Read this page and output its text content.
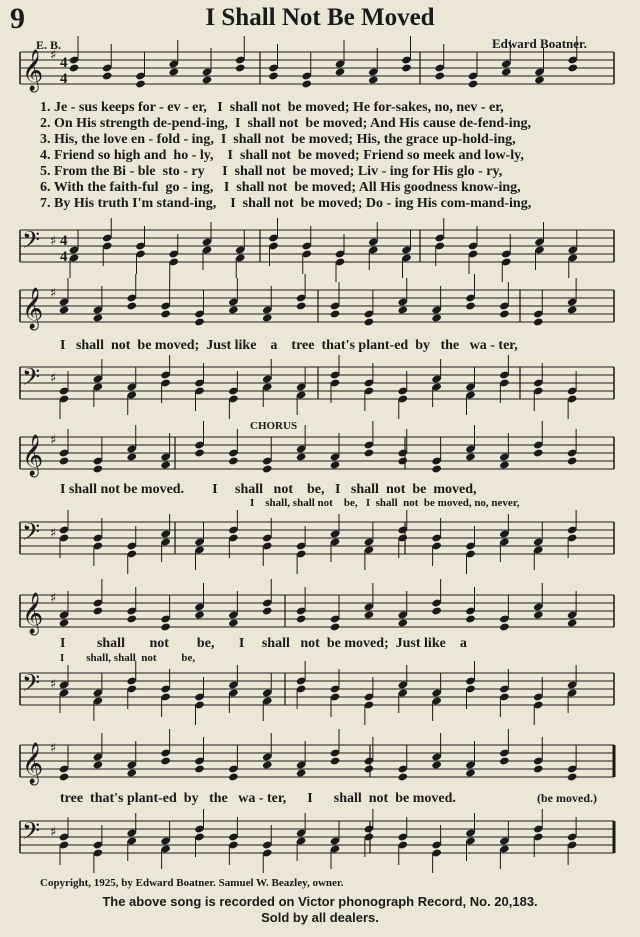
9	I Shall Not Be Moved
E. B.	Edward Boatner.
𝄞 ♯ 4
4
𝄢 ♯ 4
4
𝄞 ♯
𝄢 ♯
𝄞 ♯
𝄢 ♯
𝄞 ♯
𝄢 ♯
𝄞 ♯
𝄢 ♯
1. Je - sus keeps for - ev - er,   I  shall not  be moved; He for-sakes, no, nev - er,
2. On His strength de-pend-ing,  I  shall not  be moved; And His cause de-fend-ing,
3. His, the love en - fold - ing,  I  shall not  be moved; His, the grace up-hold-ing,
4. Friend so high and  ho - ly,    I  shall not  be moved; Friend so meek and low-ly,
5. From the Bi - ble  sto - ry     I  shall not  be moved; Liv - ing for His glo - ry,
6. With the faith-ful  go - ing,   I  shall not  be moved; All His goodness know-ing,
7. By His truth I'm stand-ing,    I  shall not  be moved; Do - ing His com-mand-ing,
I   shall  not  be moved;  Just like    a    tree  that's plant-ed  by   the   wa - ter,
CHORUS
I shall not be moved.        I     shall   not    be,   I   shall  not  be  moved,
I    shall, shall not    be,   I  shall  not  be moved, no, never,
I         shall       not        be,       I     shall   not  be moved;  Just like    a
I        shall, shall  not         be,
tree  that's plant-ed  by   the   wa - ter,      I      shall  not  be moved.	(be moved.)
Copyright, 1925, by Edward Boatner. Samuel W. Beazley, owner.
The above song is recorded on Victor phonograph Record, No. 20,183.
Sold by all dealers.
